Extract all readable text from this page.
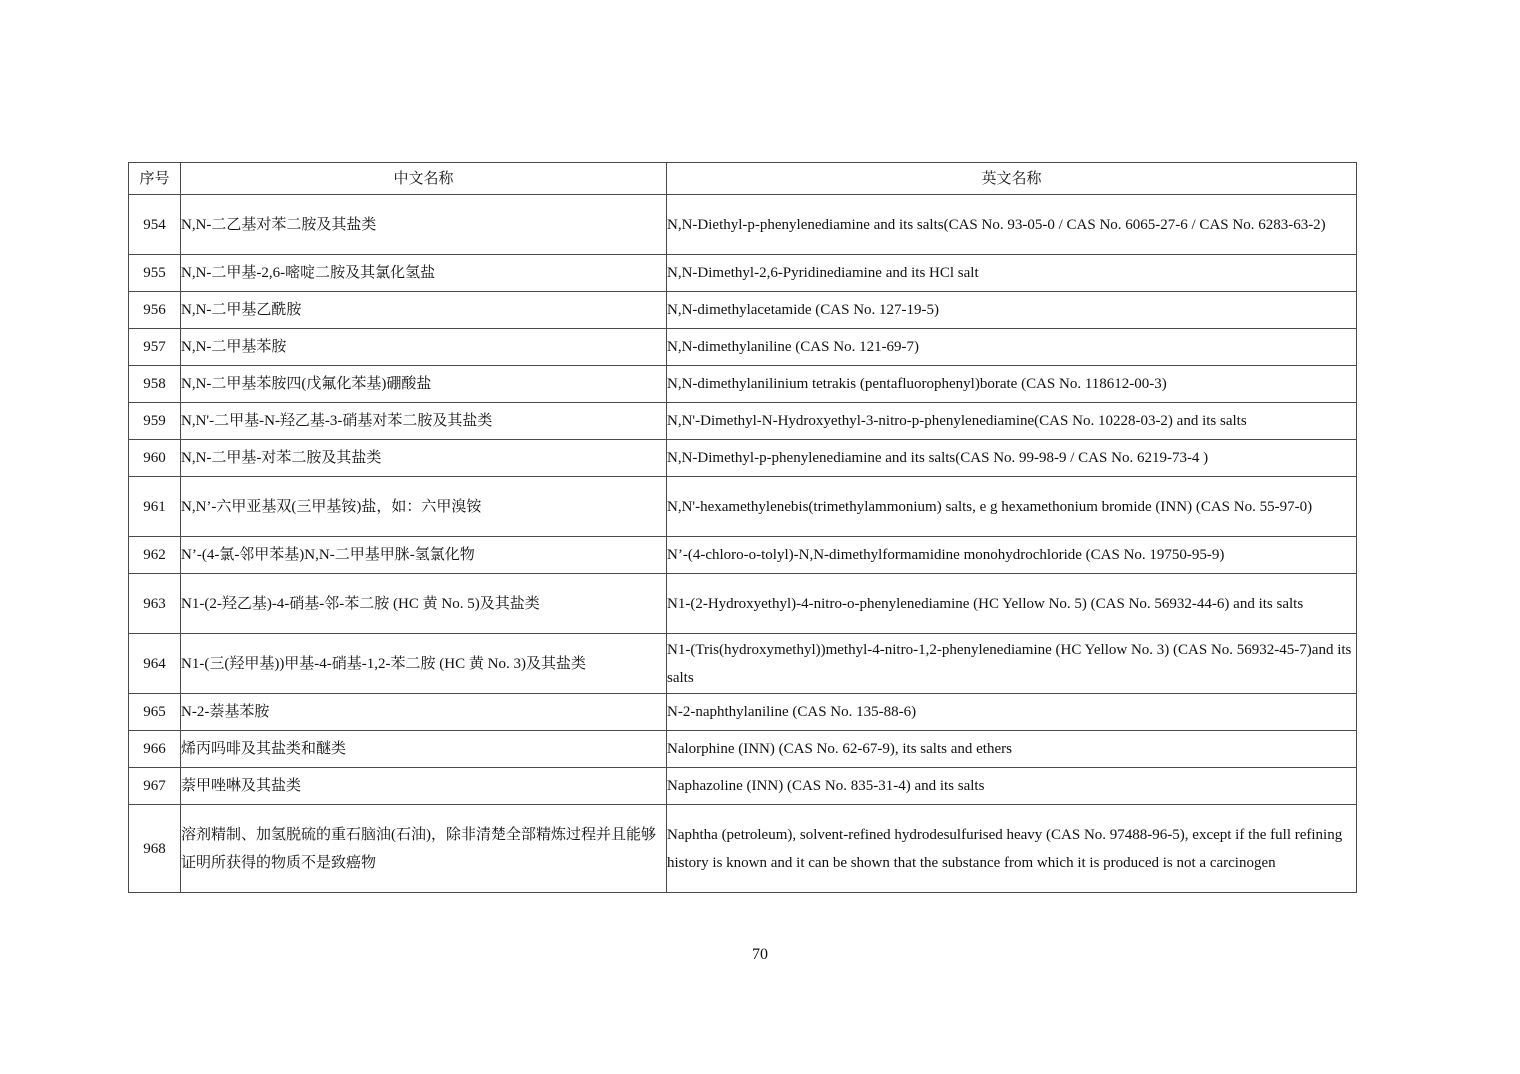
序号	中文名称	英文名称
954	N,N-二乙基对苯二胺及其盐类	N,N-Diethyl-p-phenylenediamine and its salts(CAS No. 93-05-0 / CAS No. 6065-27-6 / CAS No. 6283-63-2)
955	N,N-二甲基-2,6-嘧啶二胺及其氯化氢盐	N,N-Dimethyl-2,6-Pyridinediamine and its HCl salt
956	N,N-二甲基乙酰胺	N,N-dimethylacetamide (CAS No. 127-19-5)
957	N,N-二甲基苯胺	N,N-dimethylaniline (CAS No. 121-69-7)
958	N,N-二甲基苯胺四(戊氟化苯基)硼酸盐	N,N-dimethylanilinium tetrakis (pentafluorophenyl)borate (CAS No. 118612-00-3)
959	N,N'-二甲基-N-羟乙基-3-硝基对苯二胺及其盐类	N,N'-Dimethyl-N-Hydroxyethyl-3-nitro-p-phenylenediamine(CAS No. 10228-03-2) and its salts
960	N,N-二甲基-对苯二胺及其盐类	N,N-Dimethyl-p-phenylenediamine and its salts(CAS No. 99-98-9 / CAS No. 6219-73-4 )
961	N,N’-六甲亚基双(三甲基铵)盐，如：六甲溴铵	N,N'-hexamethylenebis(trimethylammonium) salts, e g hexamethonium bromide (INN) (CAS No. 55-97-0)
962	N’-(4-氯-邻甲苯基)N,N-二甲基甲脒-氢氯化物	N’-(4-chloro-o-tolyl)-N,N-dimethylformamidine monohydrochloride (CAS No. 19750-95-9)
963	N1-(2-羟乙基)-4-硝基-邻-苯二胺 (HC 黄 No. 5)及其盐类	N1-(2-Hydroxyethyl)-4-nitro-o-phenylenediamine (HC Yellow No. 5) (CAS No. 56932-44-6) and its salts
964	N1-(三(羟甲基))甲基-4-硝基-1,2-苯二胺 (HC 黄 No. 3)及其盐类	N1-(Tris(hydroxymethyl))methyl-4-nitro-1,2-phenylenediamine (HC Yellow No. 3) (CAS No. 56932-45-7)and its salts
965	N-2-萘基苯胺	N-2-naphthylaniline (CAS No. 135-88-6)
966	烯丙吗啡及其盐类和醚类	Nalorphine (INN) (CAS No. 62-67-9), its salts and ethers
967	萘甲唑啉及其盐类	Naphazoline (INN) (CAS No. 835-31-4) and its salts
968	溶剂精制、加氢脱硫的重石脑油(石油)，除非清楚全部精炼过程并且能够证明所获得的物质不是致癌物	Naphtha (petroleum), solvent-refined hydrodesulfurised heavy (CAS No. 97488-96-5), except if the full refining history is known and it can be shown that the substance from which it is produced is not a carcinogen
70
